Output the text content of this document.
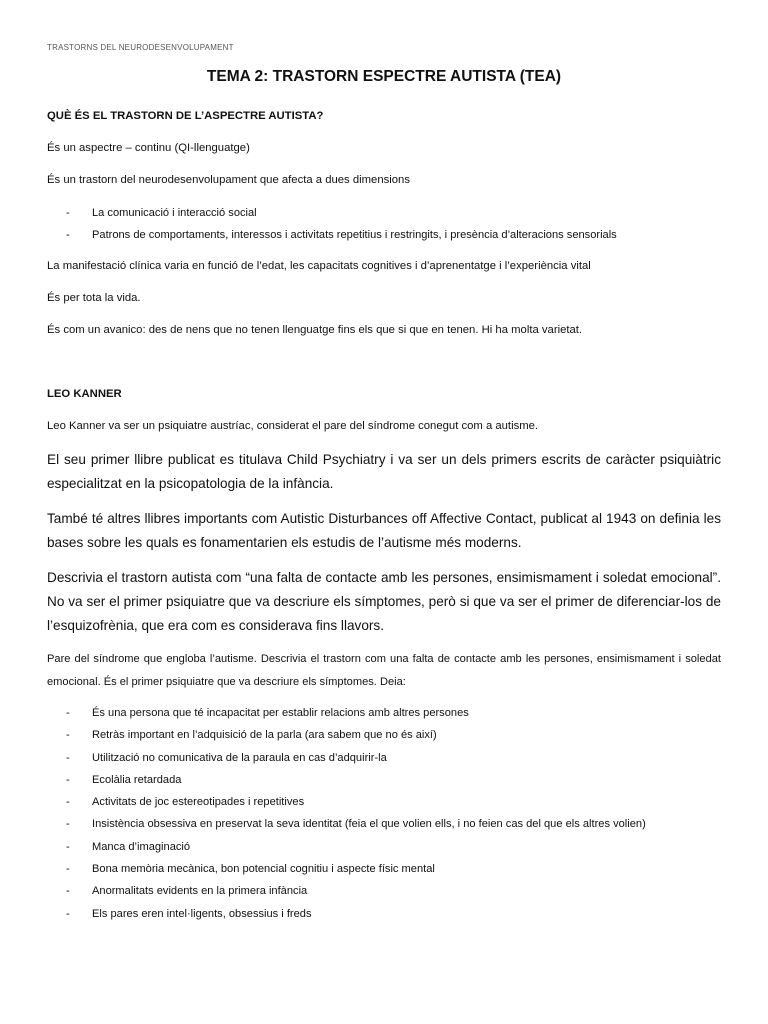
TRASTORNS DEL NEURODESENVOLUPAMENT
TEMA 2: TRASTORN ESPECTRE AUTISTA (TEA)

QUÈ ÉS EL TRASTORN DE L’ASPECTRE AUTISTA?

És un aspectre – continu (QI-llenguatge)

És un trastorn del neurodesenvolupament que afecta a dues dimensions

- La comunicació i interacció social
- Patrons de comportaments, interessos i activitats repetitius i restringits, i presència d’alteracions sensorials

La manifestació clínica varia en funció de l’edat, les capacitats cognitives i d’aprenentatge i l’experiència vital

És per tota la vida.

És com un avanico: des de nens que no tenen llenguatge fins els que si que en tenen. Hi ha molta varietat.

LEO KANNER

Leo Kanner va ser un psiquiatre austríac, considerat el pare del síndrome conegut com a autisme.

El seu primer llibre publicat es titulava Child Psychiatry i va ser un dels primers escrits de caràcter psiquiàtric especialitzat en la psicopatologia de la infància.

També té altres llibres importants com Autistic Disturbances off Affective Contact, publicat al 1943 on definia les bases sobre les quals es fonamentarien els estudis de l’autisme més moderns.

Descrivia el trastorn autista com “una falta de contacte amb les persones, ensimismament i soledat emocional”. No va ser el primer psiquiatre que va descriure els símptomes, però si que va ser el primer de diferenciar-los de l’esquizofrènia, que era com es considerava fins llavors.

Pare del síndrome que engloba l’autisme. Descrivia el trastorn com una falta de contacte amb les persones, ensimismament i soledat emocional. És el primer psiquiatre que va descriure els símptomes. Deia:

- És una persona que té incapacitat per establir relacions amb altres persones
- Retràs important en l’adquisició de la parla (ara sabem que no és així)
- Utilització no comunicativa de la paraula en cas d’adquirir-la
- Ecolàlia retardada
- Activitats de joc estereotipades i repetitives
- Insistència obsessiva en preservat la seva identitat (feia el que volien ells, i no feien cas del que els altres volien)
- Manca d’imaginació
- Bona memòria mecànica, bon potencial cognitiu i aspecte físic mental
- Anormalitats evidents en la primera infància
- Els pares eren intel·ligents, obsessius i freds
